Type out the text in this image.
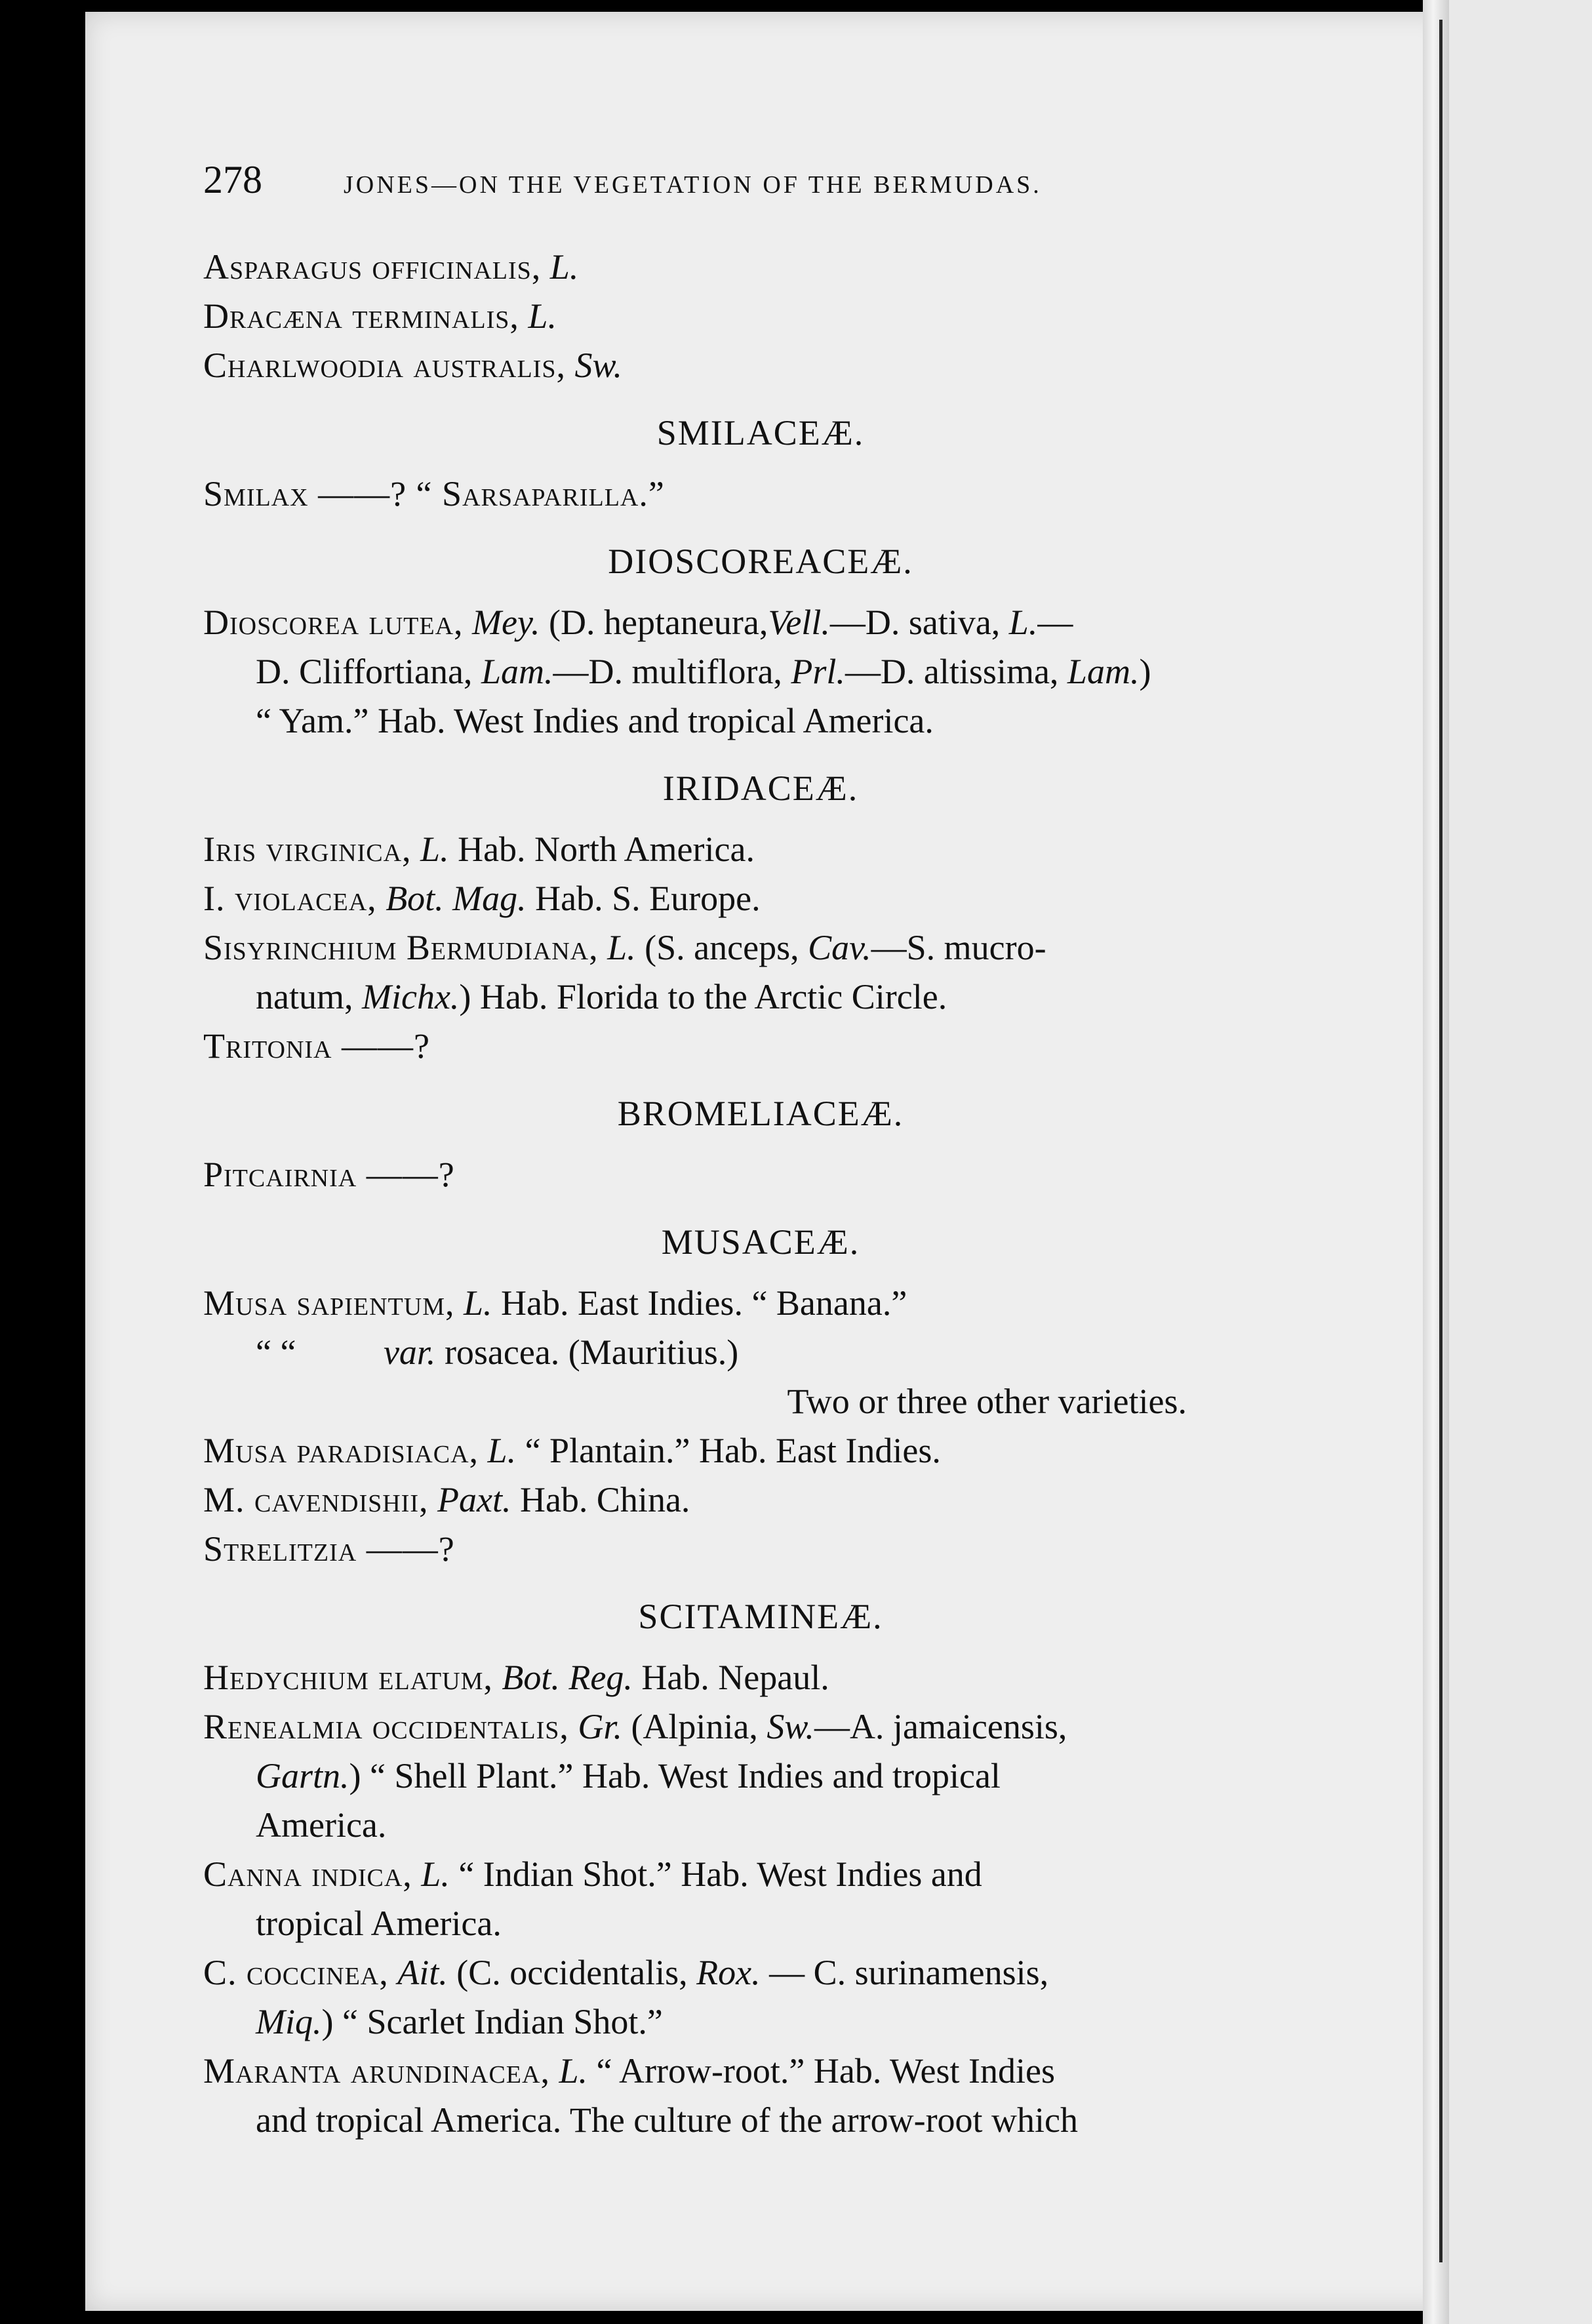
278	JONES—ON THE VEGETATION OF THE BERMUDAS.

Asparagus officinalis, L.

Dracæna terminalis, L.

Charlwoodia australis, Sw.

SMILACEÆ.

Smilax ——? “ Sarsaparilla.”

DIOSCOREACEÆ.

Dioscorea lutea, Mey. (D. heptaneura,Vell.—D. sativa, L.—

D. Cliffortiana, Lam.—D. multiflora, Prl.—D. altissima, Lam.)

“ Yam.” Hab. West Indies and tropical America.

IRIDACEÆ.

Iris virginica, L. Hab. North America.

I. violacea, Bot. Mag. Hab. S. Europe.

Sisyrinchium Bermudiana, L. (S. anceps, Cav.—S. mucro-

natum, Michx.) Hab. Florida to the Arctic Circle.

Tritonia ——?

BROMELIACEÆ.

Pitcairnia ——?

MUSACEÆ.

Musa sapientum, L. Hab. East Indies. “ Banana.”

“ “ var. rosacea. (Mauritius.)

Two or three other varieties.

Musa paradisiaca, L. “ Plantain.” Hab. East Indies.

M. cavendishii, Paxt. Hab. China.

Strelitzia ——?

SCITAMINEÆ.

Hedychium elatum, Bot. Reg. Hab. Nepaul.

Renealmia occidentalis, Gr. (Alpinia, Sw.—A. jamaicensis,

Gartn.) “ Shell Plant.” Hab. West Indies and tropical

America.

Canna indica, L. “ Indian Shot.” Hab. West Indies and

tropical America.

C. coccinea, Ait. (C. occidentalis, Rox. — C. surinamensis,

Miq.) “ Scarlet Indian Shot.”

Maranta arundinacea, L. “ Arrow-root.” Hab. West Indies

and tropical America. The culture of the arrow-root which
